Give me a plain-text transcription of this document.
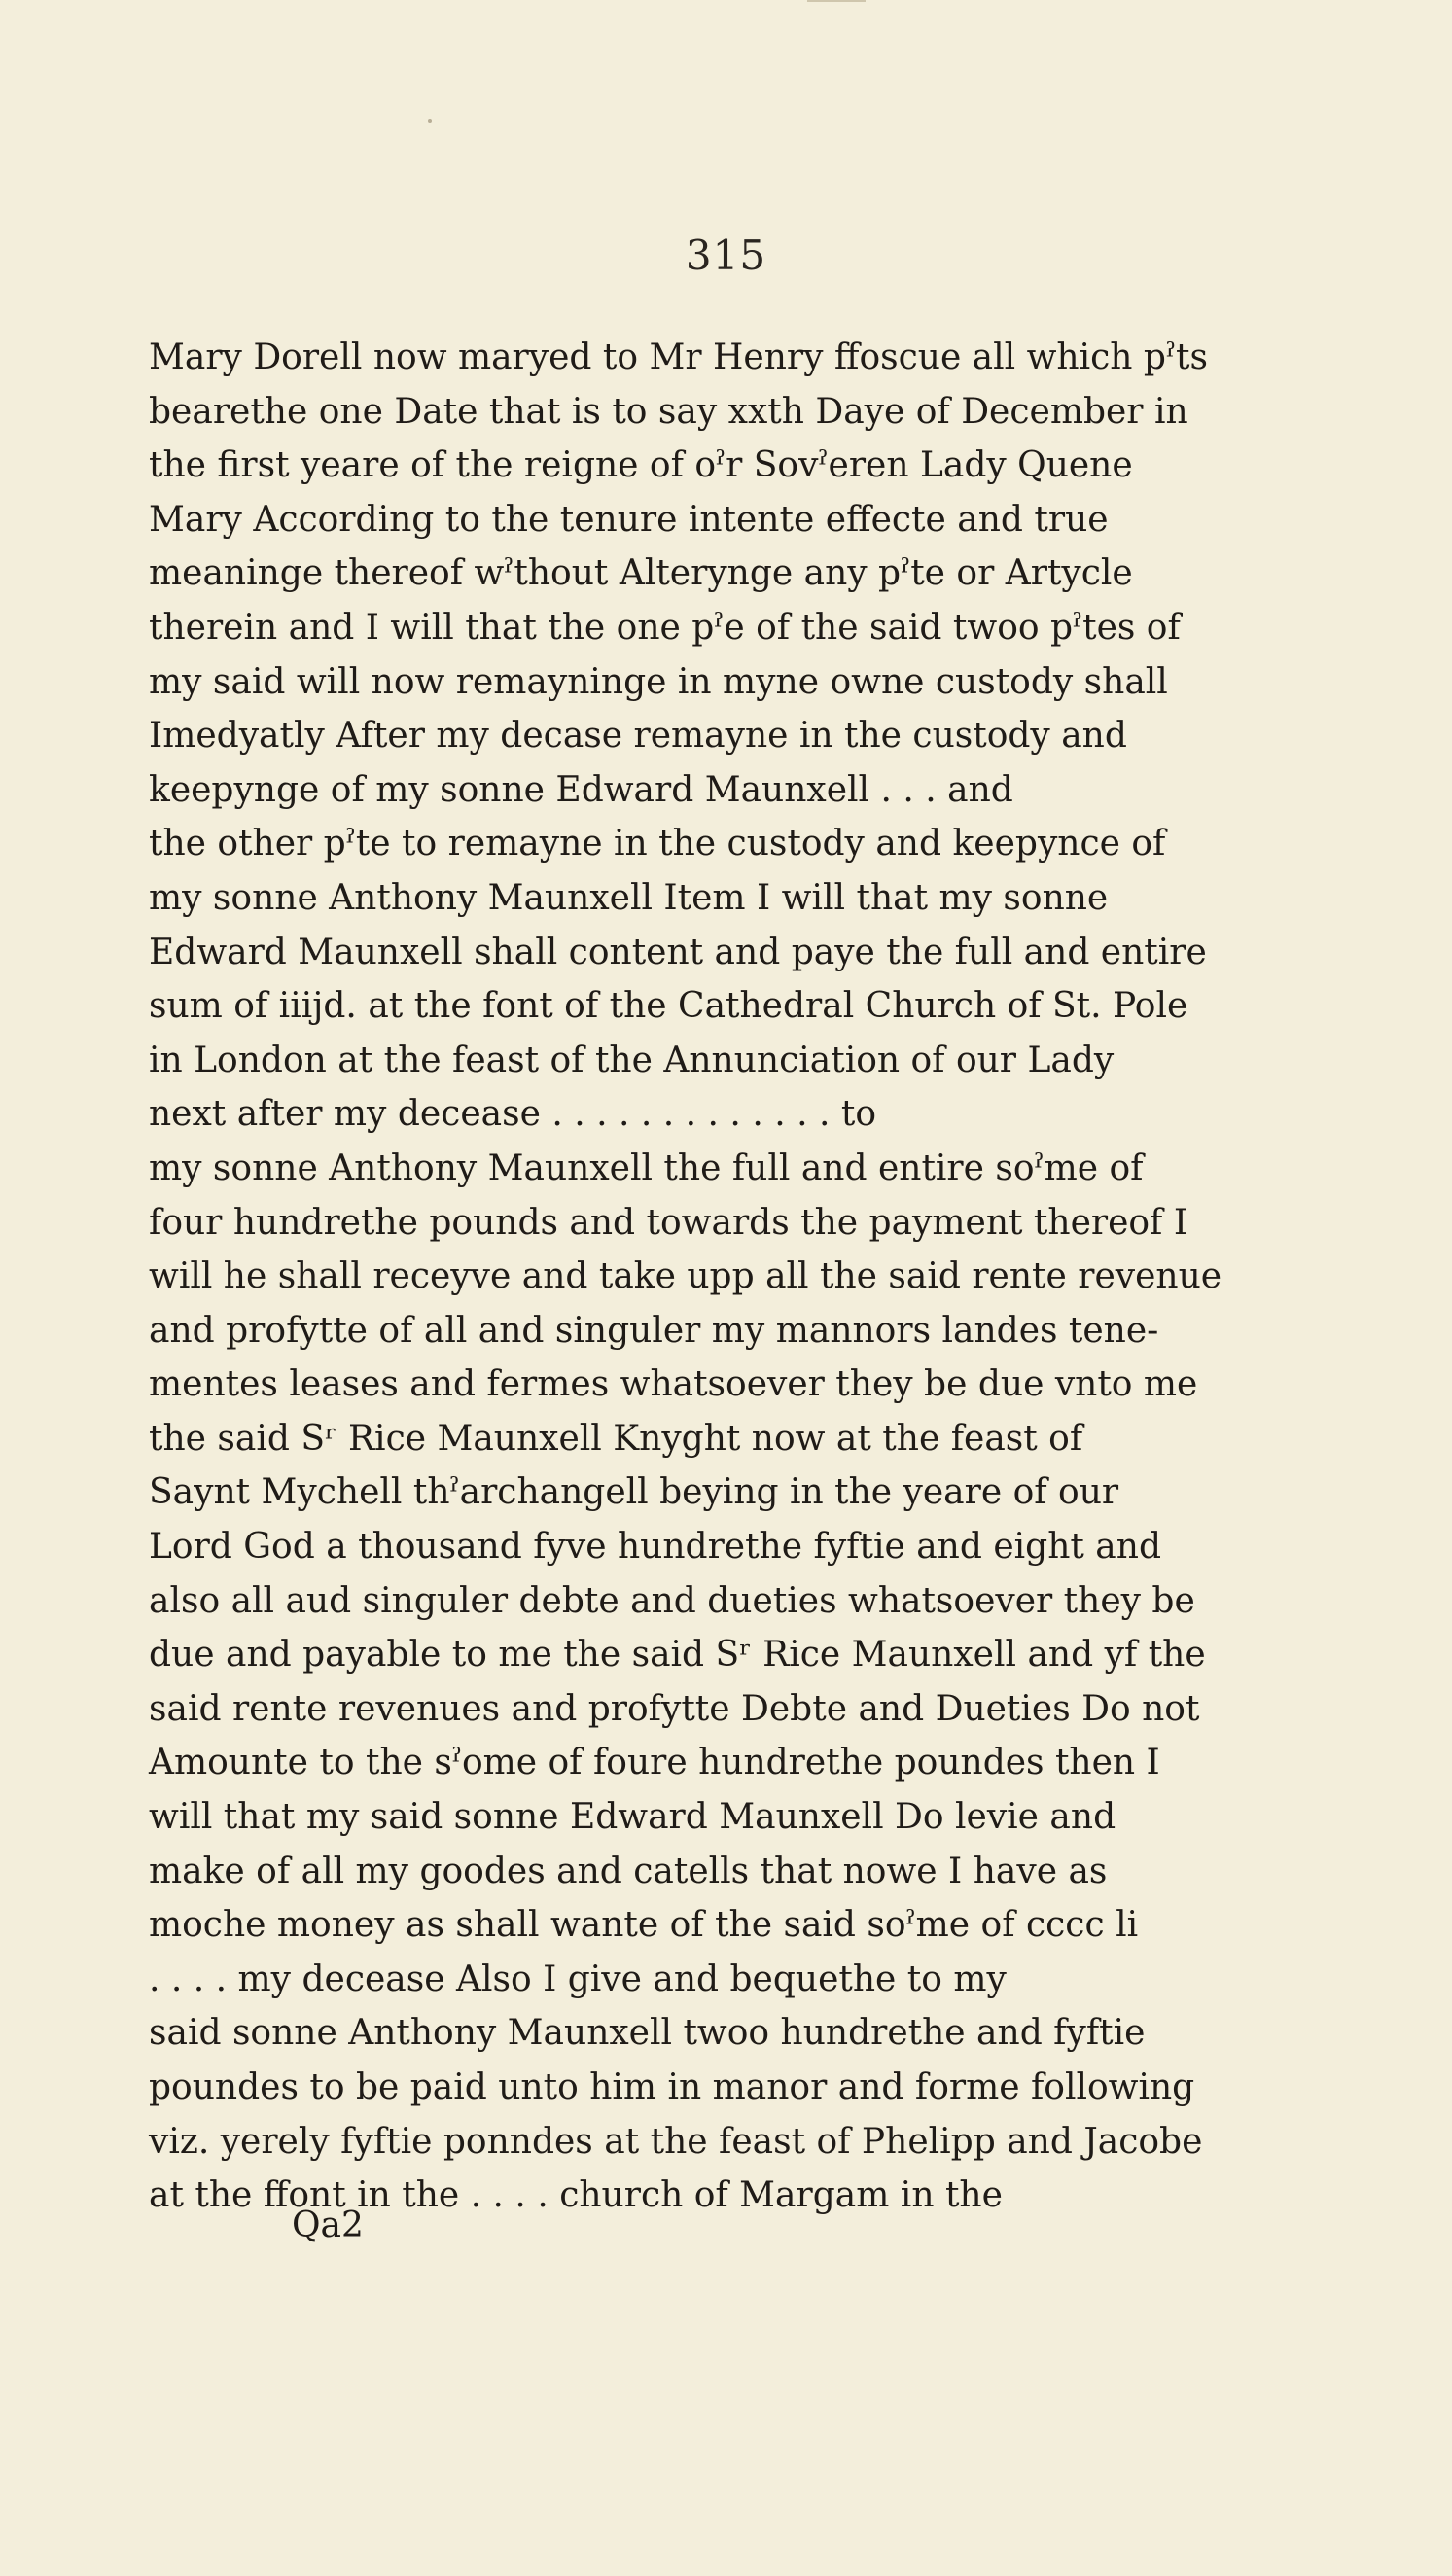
315
Mary Dorell now maryed to Mr Henry ffoscue all which pˀts
bearethe one Date that is to say xxth Daye of December in
the first yeare of the reigne of oˀr Sovˀeren Lady Quene
Mary According to the tenure intente effecte and true
meaninge thereof wˀthout Alterynge any pˀte or Artycle
therein and I will that the one pˀe of the said twoo pˀtes of
my said will now remayninge in myne owne custody shall
Imedyatly After my decase remayne in the custody and
keepynge of my sonne Edward Maunxell . . . and
the other pˀte to remayne in the custody and keepynce of
my sonne Anthony Maunxell Item I will that my sonne
Edward Maunxell shall content and paye the full and entire
sum of iiijd. at the font of the Cathedral Church of St. Pole
in London at the feast of the Annunciation of our Lady
next after my decease . . . . . . . . . . . . . to
my sonne Anthony Maunxell the full and entire soˀme of
four hundrethe pounds and towards the payment thereof I
will he shall receyve and take upp all the said rente revenue
and profytte of all and singuler my mannors landes tene-
mentes leases and fermes whatsoever they be due vnto me
the said Sʳ Rice Maunxell Knyght now at the feast of
Saynt Mychell thˀarchangell beying in the yeare of our
Lord God a thousand fyve hundrethe fyftie and eight and
also all aud singuler debte and dueties whatsoever they be
due and payable to me the said Sʳ Rice Maunxell and yf the
said rente revenues and profytte Debte and Dueties Do not
Amounte to the sˀome of foure hundrethe poundes then I
will that my said sonne Edward Maunxell Do levie and
make of all my goodes and catells that nowe I have as
moche money as shall wante of the said soˀme of cccc li
. . . . my decease Also I give and bequethe to my
said sonne Anthony Maunxell twoo hundrethe and fyftie
poundes to be paid unto him in manor and forme following
viz. yerely fyftie ponndes at the feast of Phelipp and Jacobe
at the ffont in the . . . . church of Margam in the
Qa2
